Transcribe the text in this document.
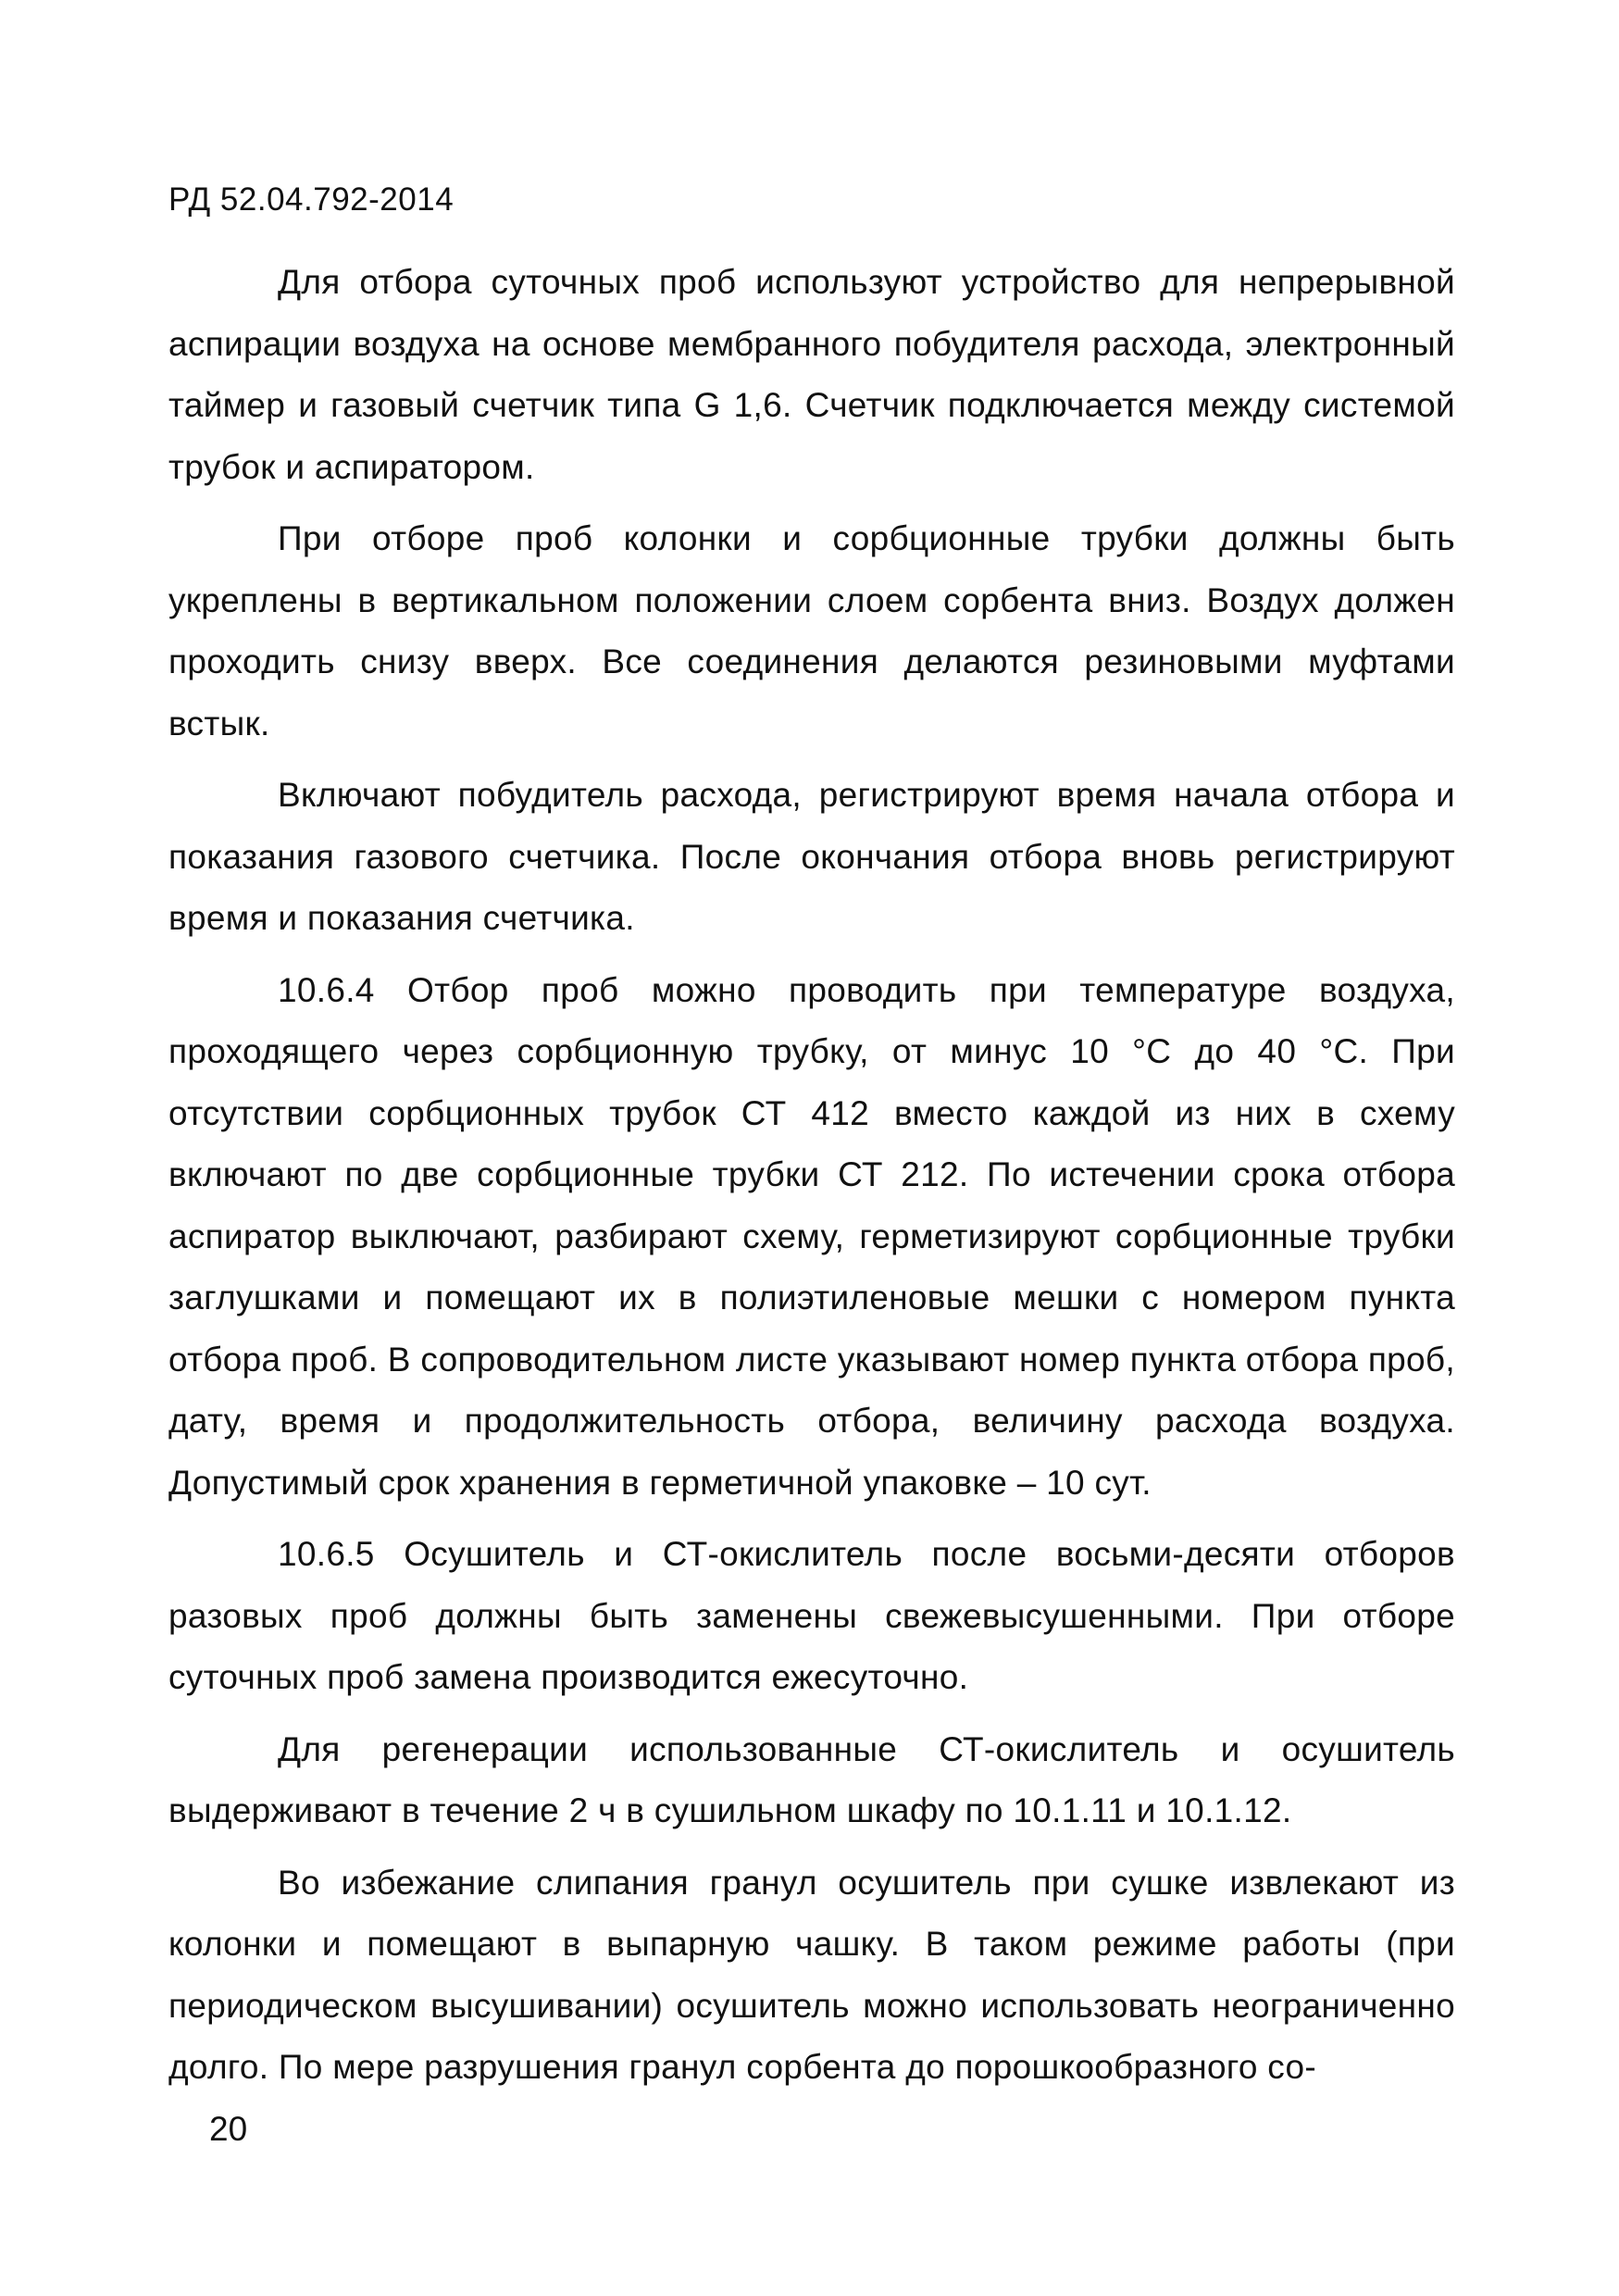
РД 52.04.792-2014

Для отбора суточных проб используют устройство для непрерывной аспирации воздуха на основе мембранного побудителя расхода, электронный таймер и газовый счетчик типа G 1,6. Счетчик подключается между системой трубок и аспиратором.

При отборе проб колонки и сорбционные трубки должны быть укреплены в вертикальном положении слоем сорбента вниз. Воздух должен проходить снизу вверх. Все соединения делаются резиновыми муфтами встык.

Включают побудитель расхода, регистрируют время начала отбора и показания газового счетчика. После окончания отбора вновь регистрируют время и показания счетчика.

10.6.4 Отбор проб можно проводить при температуре воздуха, проходящего через сорбционную трубку, от минус 10 °С до 40 °С. При отсутствии сорбционных трубок СТ 412 вместо каждой из них в схему включают по две сорбционные трубки СТ 212. По истечении срока отбора аспиратор выключают, разбирают схему, герметизируют сорбционные трубки заглушками и помещают их в полиэтиленовые мешки с номером пункта отбора проб. В сопроводительном листе указывают номер пункта отбора проб, дату, время и продолжительность отбора, величину расхода воздуха. Допустимый срок хранения в герметичной упаковке – 10 сут.

10.6.5 Осушитель и СТ-окислитель после восьми-десяти отборов разовых проб должны быть заменены свежевысушенными. При отборе суточных проб замена производится ежесуточно.

Для регенерации использованные СТ-окислитель и осушитель выдерживают в течение 2 ч в сушильном шкафу по 10.1.11 и 10.1.12.

Во избежание слипания гранул осушитель при сушке извлекают из колонки и помещают в выпарную чашку. В таком режиме работы (при периодическом высушивании) осушитель можно использовать неограниченно долго. По мере разрушения гранул сорбента до порошкообразного со-

20
